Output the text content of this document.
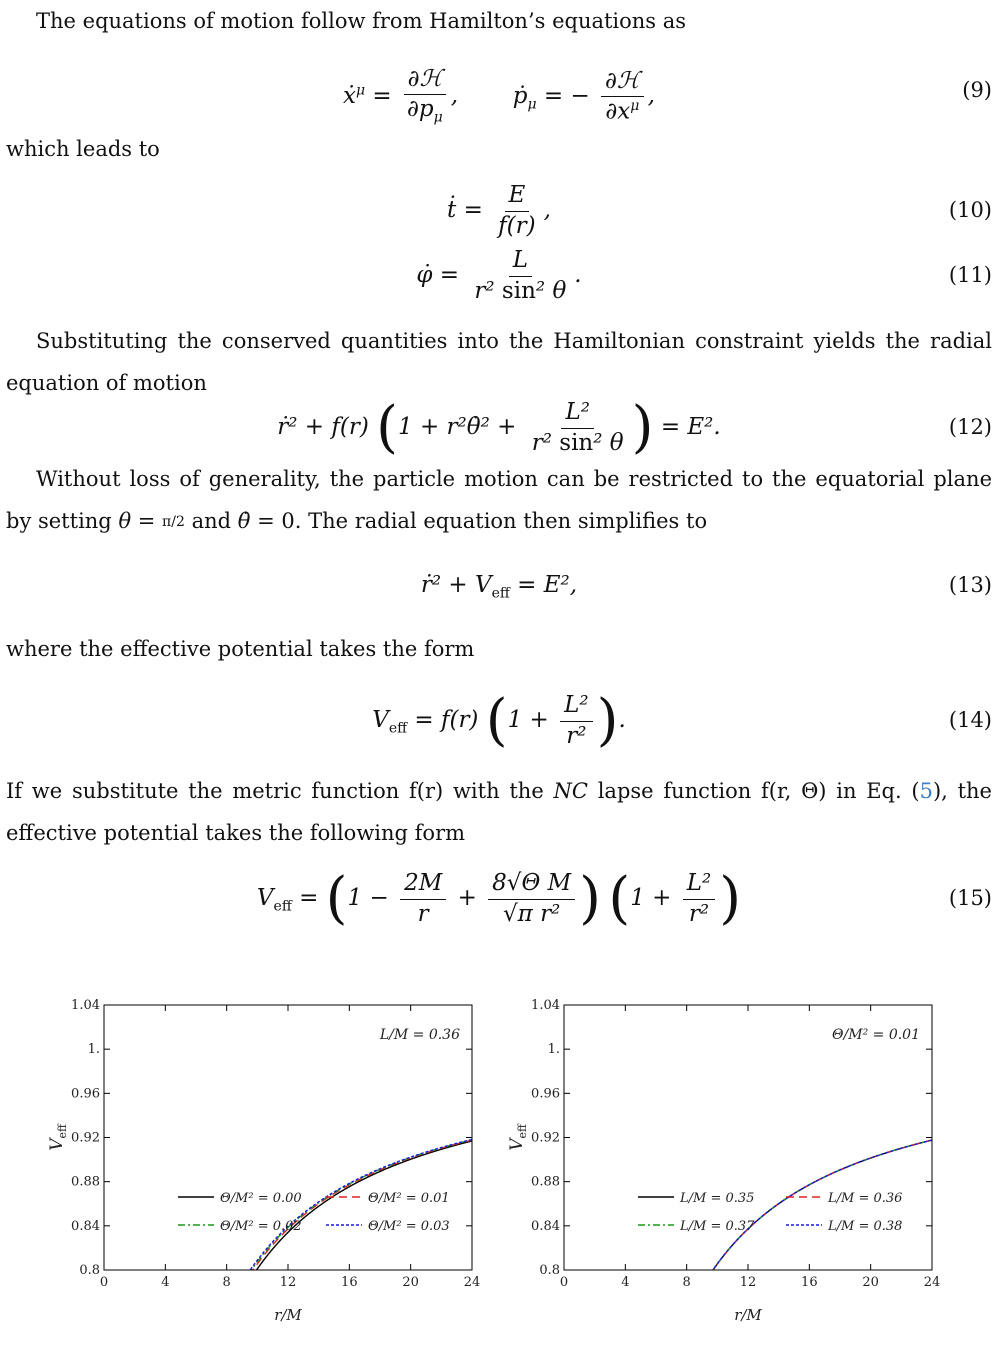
The equations of motion follow from Hamilton’s equations as
ẋ$^\mu$ = $\frac{\text{∂ℋ}}{\partial p_\mu}$ ,  ṗ$_\mu$ = − $\frac{\text{∂ℋ}}{\partial x^\mu}$ ,	(9)
which leads to
ṫ = $\frac{E}{f(r)}$ ,	(10)
φ̇ = $\frac{L}{\text{r² sin² θ}}$ .	(11)
Substituting the conserved quantities into the Hamiltonian constraint yields the radial equation of motion
ṙ² + f(r) (1 + r²θ̇² + $\frac{\text{L²}}{\text{r² sin² θ}}$ ) = E².	(12)
Without loss of generality, the particle motion can be restricted to the equatorial plane by setting θ = π/2 and θ̇ = 0. The radial equation then simplifies to
ṙ² + $V_{eff} = E^2$,	(13)
where the effective potential takes the form
$V_{eff} = f(r) (1 + \frac{\text{L²}}{\text{r²}}$ ).	(14)
If we substitute the metric function f(r) with the NC lapse function f(r, Θ) in Eq. (5), the effective potential takes the following form
$V_{eff} = (1 - \frac{2M}{r} + \frac{\text{8√Θ M}}{\text{√π r²}}$ ) ($1 + \frac{\text{L²}}{\text{r²}}$ )	(15)
0	4	8	12	16	20	24
0.8
0.84
0.88
0.92
0.96
1.
1.04
r/M
$V_{eff}$
L/M = 0.36
Θ/M² = 0.00	Θ/M² = 0.01
Θ/M² = 0.02	Θ/M² = 0.03
0	4	8	12	16	20	24
0.8
0.84
0.88
0.92
0.96
1.
1.04
r/M
$V_{eff}$
Θ/M² = 0.01
L/M = 0.35	L/M = 0.36
L/M = 0.37	L/M = 0.38
